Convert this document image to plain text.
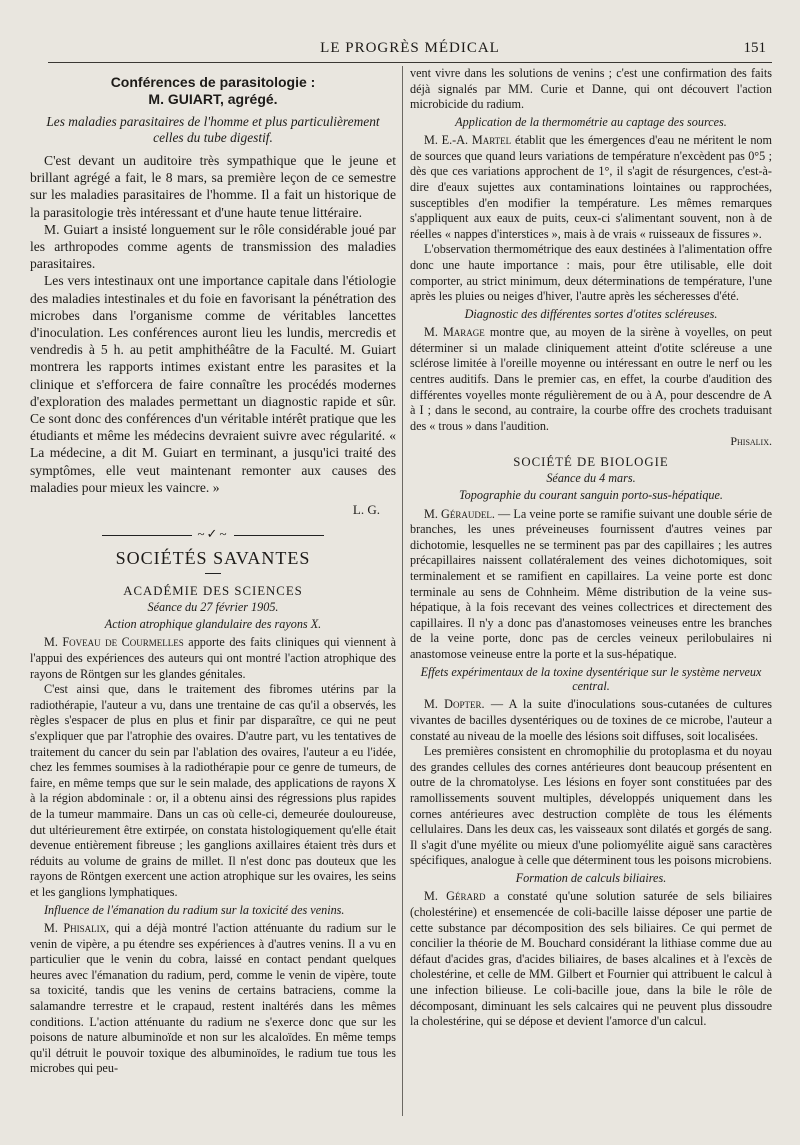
LE PROGRÈS MÉDICAL	151
Conférences de parasitologie :
M. GUIART, agrégé.
Les maladies parasitaires de l'homme et plus particulièrement celles du tube digestif.

C'est devant un auditoire très sympathique que le jeune et brillant agrégé a fait, le 8 mars, sa première leçon de ce semestre sur les maladies parasitaires de l'homme. Il a fait un historique de la parasitologie très intéressant et d'une haute tenue littéraire.

M. Guiart a insisté longuement sur le rôle considérable joué par les arthropodes comme agents de transmission des maladies parasitaires.

Les vers intestinaux ont une importance capitale dans l'étiologie des maladies intestinales et du foie en favorisant la pénétration des microbes dans l'organisme comme de véritables lancettes d'inoculation. Les conférences auront lieu les lundis, mercredis et vendredis à 5 h. au petit amphithéâtre de la Faculté. M. Guiart montrera les rapports intimes existant entre les parasites et la clinique et s'efforcera de faire connaître les procédés modernes d'exploration des malades permettant un diagnostic rapide et sûr. Ce sont donc des conférences d'un véritable intérêt pratique que les étudiants et même les médecins devraient suivre avec régularité. « La médecine, a dit M. Guiart en terminant, a jusqu'ici traité des symptômes, elle veut maintenant remonter aux causes des maladies pour mieux les vaincre. »

L. G.
~✓~
SOCIÉTÉS SAVANTES
ACADÉMIE DES SCIENCES
Séance du 27 février 1905.
Action atrophique glandulaire des rayons X.

M. Foveau de Courmelles apporte des faits cliniques qui viennent à l'appui des expériences des auteurs qui ont montré l'action atrophique des rayons de Röntgen sur les glandes génitales.

C'est ainsi que, dans le traitement des fibromes utérins par la radiothérapie, l'auteur a vu, dans une trentaine de cas qu'il a observés, les règles s'espacer de plus en plus et finir par disparaître, ce qui ne peut s'expliquer que par l'atrophie des ovaires. D'autre part, vu les tentatives de traitement du cancer du sein par l'ablation des ovaires, l'auteur a eu l'idée, chez les femmes soumises à la radiothérapie pour ce genre de tumeurs, de faire, en même temps que sur le sein malade, des applications de rayons X à la région abdominale : or, il a obtenu ainsi des régressions plus rapides de la tumeur mammaire. Dans un cas où celle-ci, demeurée douloureuse, dut ultérieurement être extirpée, on constata histologiquement qu'elle était devenue entièrement fibreuse ; les ganglions axillaires étaient très durs et réduits au volume de grains de millet. Il n'est donc pas douteux que les rayons de Röntgen exercent une action atrophique sur les ovaires, les seins et les ganglions lymphatiques.

Influence de l'émanation du radium sur la toxicité des venins.

M. Phisalix, qui a déjà montré l'action atténuante du radium sur le venin de vipère, a pu étendre ses expériences à d'autres venins. Il a vu en particulier que le venin du cobra, laissé en contact pendant quelques heures avec l'émanation du radium, perd, comme le venin de vipère, toute sa toxicité, tandis que les venins de certains batraciens, comme la salamandre terrestre et le crapaud, restent inaltérés dans les mêmes conditions. L'action atténuante du radium ne s'exerce donc que sur les poisons de nature albuminoïde et non sur les alcaloïdes. En même temps qu'il détruit le pouvoir toxique des albuminoïdes, le radium tue tous les microbes qui peu-

vent vivre dans les solutions de venins ; c'est une confirmation des faits déjà signalés par MM. Curie et Danne, qui ont découvert l'action microbicide du radium.

Application de la thermométrie au captage des sources.

M. E.-A. Martel établit que les émergences d'eau ne méritent le nom de sources que quand leurs variations de température n'excèdent pas 0°5 ; dès que ces variations approchent de 1°, il s'agit de résurgences, c'est-à-dire d'eaux sujettes aux contaminations lointaines ou rapprochées, susceptibles d'en modifier la température. Les mêmes remarques s'appliquent aux eaux de puits, ceux-ci s'alimentant souvent, non à de réelles « nappes d'interstices », mais à de vrais « ruisseaux de fissures ».

L'observation thermométrique des eaux destinées à l'alimentation offre donc une haute importance : mais, pour être utilisable, elle doit comporter, au strict minimum, deux déterminations de température, l'une après les pluies ou neiges d'hiver, l'autre après les sécheresses d'été.

Diagnostic des différentes sortes d'otites scléreuses.

M. Marage montre que, au moyen de la sirène à voyelles, on peut déterminer si un malade cliniquement atteint d'otite scléreuse a une sclérose limitée à l'oreille moyenne ou intéressant en outre le nerf ou les centres auditifs. Dans le premier cas, en effet, la courbe d'audition des différentes voyelles monte régulièrement de ou à A, pour descendre de A à I ; dans le second, au contraire, la courbe offre des crochets traduisant des « trous » dans l'audition.

Phisalix.
SOCIÉTÉ DE BIOLOGIE
Séance du 4 mars.
Topographie du courant sanguin porto-sus-hépatique.

M. Géraudel. — La veine porte se ramifie suivant une double série de branches, les unes préveineuses fournissent d'autres veines par dichotomie, lesquelles ne se terminent pas par des capillaires ; les autres précapillaires naissent collatéralement des veines dichotomiques, soit terminalement et se ramifient en capillaires. La veine porte est donc terminale au sens de Cohnheim. Même distribution de la veine sus-hépatique, à la fois recevant des veines collectrices et directement des capillaires. Il n'y a donc pas d'anastomoses veineuses entre les branches de la veine porte, donc pas de cercles veineux perilobulaires ni anastomose veineuse entre la porte et la sus-hépatique.

Effets expérimentaux de la toxine dysentérique sur le système nerveux central.

M. Dopter. — A la suite d'inoculations sous-cutanées de cultures vivantes de bacilles dysentériques ou de toxines de ce microbe, l'auteur a constaté au niveau de la moelle des lésions soit diffuses, soit localisées.

Les premières consistent en chromophilie du protoplasma et du noyau des grandes cellules des cornes antérieures dont beaucoup présentent en outre de la chromatolyse. Les lésions en foyer sont constituées par des ramollissements souvent multiples, développés uniquement dans les cornes antérieures avec destruction complète de tous les éléments cellulaires. Dans les deux cas, les vaisseaux sont dilatés et gorgés de sang. Il s'agit d'une myélite ou mieux d'une poliomyélite aiguë sans caractères spécifiques, analogue à celle que déterminent tous les poisons microbiens.

Formation de calculs biliaires.

M. Gérard a constaté qu'une solution saturée de sels biliaires (cholestérine) et ensemencée de coli-bacille laisse déposer une partie de cette substance par décomposition des sels biliaires. Ce qui permet de concilier la théorie de M. Bouchard considérant la lithiase comme due au défaut d'acides gras, d'acides biliaires, de bases alcalines et à l'excès de cholestérine, et celle de MM. Gilbert et Fournier qui attribuent le calcul à une infection bilieuse. Le coli-bacille joue, dans la bile le rôle de décomposant, diminuant les sels calcaires qui ne peuvent plus dissoudre la cholestérine, qui se dépose et devient l'amorce d'un calcul.
